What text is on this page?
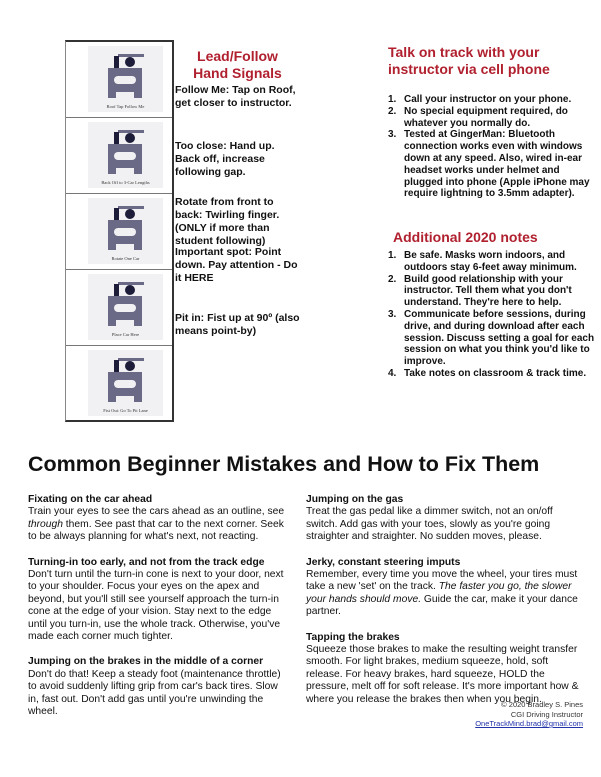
Roof Tap Follow Me
Back Off to 3-Car Lengths
Rotate One Car
Place Car Here
Fist Out: Go To Pit Lane
Lead/Follow Hand Signals
Follow Me: Tap on Roof, get closer to instructor.
Too close: Hand up. Back off, increase following gap.
Rotate from front to back: Twirling finger. (ONLY if more than student following)
Important spot: Point down. Pay attention - Do it HERE
Pit in: Fist up at 90º (also means point-by)
Talk on track with your instructor via cell phone
1. Call your instructor on your phone.
2. No special equipment required, do whatever you normally do.
3. Tested at GingerMan: Bluetooth connection works even with windows down at any speed. Also, wired in-ear headset works under helmet and plugged into phone (Apple iPhone may require lightning to 3.5mm adapter).
Additional 2020 notes
1. Be safe. Masks worn indoors, and outdoors stay 6-feet away minimum.
2. Build good relationship with your instructor. Tell them what you don't understand. They're here to help.
3. Communicate before sessions, during drive, and during download after each session. Discuss setting a goal for each session on what you think you'd like to improve.
4. Take notes on classroom & track time.
Common Beginner Mistakes and How to Fix Them
Fixating on the car ahead

Train your eyes to see the cars ahead as an outline, see through them. See past that car to the next corner. Seek to be always planning for what's next, not reacting.

Turning-in too early, and not from the track edge

Don't turn until the turn-in cone is next to your door, next to your shoulder. Focus your eyes on the apex and beyond, but you'll still see yourself approach the turn-in cone at the edge of your vision. Stay next to the edge until you turn-in, use the whole track. Otherwise, you've made each corner much tighter.

Jumping on the brakes in the middle of a corner

Don't do that! Keep a steady foot (maintenance throttle) to avoid suddenly lifting grip from car's back tires. Slow in, fast out. Don't add gas until you're unwinding the wheel.

Jumping on the gas

Treat the gas pedal like a dimmer switch, not an on/off switch. Add gas with your toes, slowly as you're going straighter and straighter. No sudden moves, please.

Jerky, constant steering imputs

Remember, every time you move the wheel, your tires must take a new 'set' on the track. The faster you go, the slower your hands should move. Guide the car, make it your dance partner.

Tapping the brakes

Squeeze those brakes to make the resulting weight transfer smooth. For light brakes, medium squeeze, hold, soft release. For heavy brakes, hard squeeze, HOLD the pressure, melt off for soft release. It's more important how & where you release the brakes then when you begin.

© 2020 Bradley S. Pines
CGI Driving Instructor
OneTrackMind.brad@gmail.com
